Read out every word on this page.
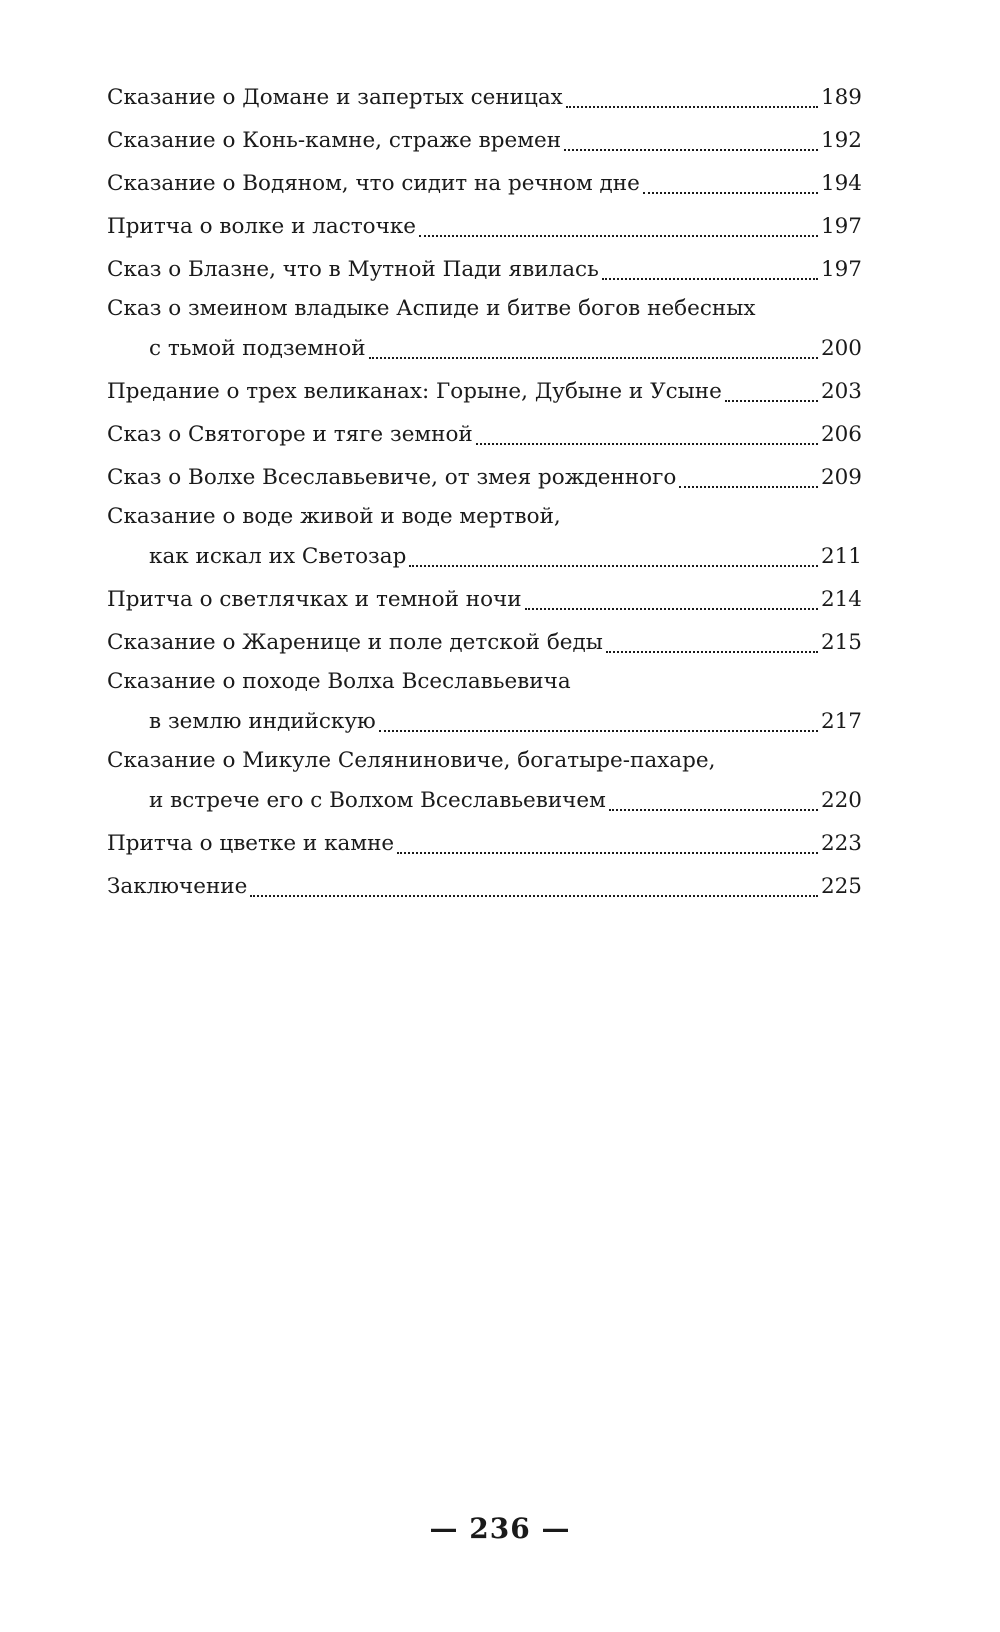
Сказание о Домане и запертых сеницах	189
Сказание о Конь-камне, страже времен	192
Сказание о Водяном, что сидит на речном дне	194
Притча о волке и ласточке	197
Сказ о Блазне, что в Мутной Пади явилась	197
Сказ о змеином владыке Аспиде и битве богов небесных
с тьмой подземной	200
Предание о трех великанах: Горыне, Дубыне и Усыне	203
Сказ о Святогоре и тяге земной	206
Сказ о Волхе Всеславьевиче, от змея рожденного	209
Сказание о воде живой и воде мертвой,
как искал их Светозар	211
Притча о светлячках и темной ночи	214
Сказание о Жаренице и поле детской беды	215
Сказание о походе Волха Всеславьевича
в землю индийскую	217
Сказание о Микуле Селяниновиче, богатыре-пахаре,
и встрече его с Волхом Всеславьевичем	220
Притча о цветке и камне	223
Заключение	225
— 236 —
